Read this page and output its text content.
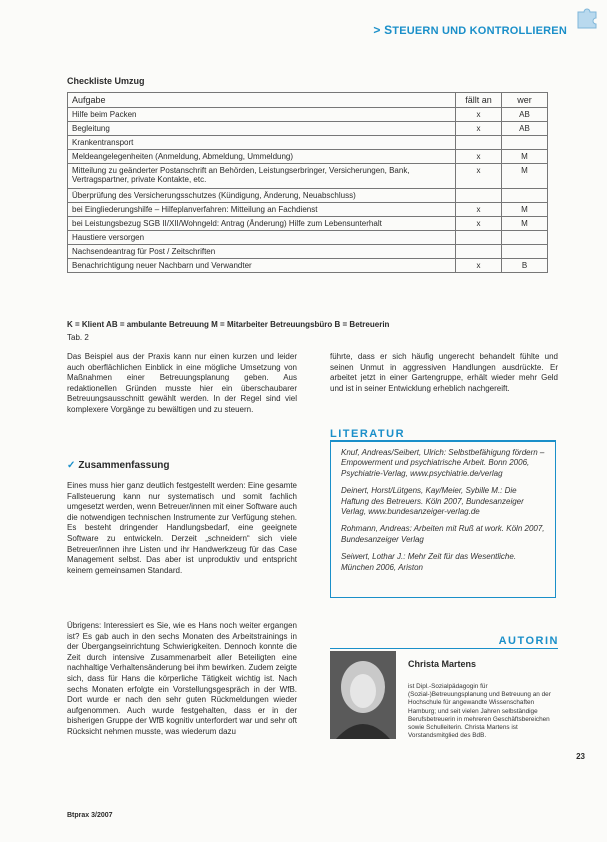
> STEUERN UND KONTROLLIEREN
Checkliste Umzug
Aufgabe	fällt an	wer
Hilfe beim Packen	x	AB
Begleitung	x	AB
Krankentransport		
Meldeangelegenheiten (Anmeldung, Abmeldung, Ummeldung)	x	M
Mitteilung zu geänderter Postanschrift an Behörden, Leistungserbringer, Versicherungen, Bank, Vertragspartner, private Kontakte, etc.	x	M
Überprüfung des Versicherungsschutzes (Kündigung, Änderung, Neuabschluss)		
bei Eingliederungshilfe – Hilfeplanverfahren: Mitteilung an Fachdienst	x	M
bei Leistungsbezug SGB II/XII/Wohngeld: Antrag (Änderung) Hilfe zum Lebensunterhalt	x	M
Haustiere versorgen		
Nachsendeantrag für Post / Zeitschriften		
Benachrichtigung neuer Nachbarn und Verwandter	x	B
K = Klient AB = ambulante Betreuung M = Mitarbeiter Betreuungsbüro B = Betreuerin
Tab. 2

Das Beispiel aus der Praxis kann nur einen kurzen und leider auch oberflächlichen Einblick in eine mögliche Umsetzung von Maßnahmen einer Betreuungsplanung geben. Aus redaktionellen Gründen musste hier ein überschaubarer Betreuungsausschnitt gewählt werden. In der Regel sind viel komplexere Vorgänge zu bewältigen und zu steuern.

✓ Zusammenfassung

Eines muss hier ganz deutlich festgestellt werden: Eine gesamte Fallsteuerung kann nur systematisch und somit fachlich umgesetzt werden, wenn Betreuer/innen mit einer Software auch die notwendigen technischen Instrumente zur Verfügung stehen. Es besteht dringender Handlungsbedarf, eine geeignete Software zu entwickeln. Derzeit „schneidern“ sich viele Betreuer/innen ihre Listen und ihr Handwerkzeug für das Case Management selbst. Das aber ist unproduktiv und entspricht keinem gemeinsamen Standard.

Übrigens: Interessiert es Sie, wie es Hans noch weiter ergangen ist? Es gab auch in den sechs Monaten des Arbeitstrainings in der Übergangseinrichtung Schwierigkeiten. Dennoch konnte die Zeit durch intensive Zusammenarbeit aller Beteiligten eine nachhaltige Verhaltensänderung bei ihm bewirken. Zudem zeigte sich, dass für Hans die körperliche Tätigkeit wichtig ist. Nach sechs Monaten erfolgte ein Vorstellungsgespräch in der WfB. Dort wurde er nach den sehr guten Rückmeldungen wieder aufgenommen. Auch wurde festgehalten, dass er in der bisherigen Gruppe der WfB kognitiv unterfordert war und sehr oft Rücksicht nehmen musste, was wiederum dazu

führte, dass er sich häufig ungerecht behandelt fühlte und seinen Unmut in aggressiven Handlungen ausdrückte. Er arbeitet jetzt in einer Gartengruppe, erhält wieder mehr Geld und ist in seiner Entwicklung erheblich nachgereift.

LITERATUR

Knuf, Andreas/Seibert, Ulrich: Selbstbefähigung fördern – Empowerment und psychiatrische Arbeit. Bonn 2006, Psychiatrie-Verlag, www.psychiatrie.de/verlag

Deinert, Horst/Lütgens, Kay/Meier, Sybille M.: Die Haftung des Betreuers. Köln 2007, Bundesanzeiger Verlag, www.bundesanzeiger-verlag.de

Rohmann, Andreas: Arbeiten mit Ruß at work. Köln 2007, Bundesanzeiger Verlag

Seiwert, Lothar J.: Mehr Zeit für das Wesentliche. München 2006, Ariston

AUTORIN
Christa Martens
ist Dipl.-Sozialpädagogin für (Sozial-)Betreuungsplanung und Betreuung an der Hochschule für angewandte Wissenschaften Hamburg; und seit vielen Jahren selbständige Berufsbetreuerin in mehreren Geschäftsbereichen sowie Schulleiterin. Christa Martens ist Vorstandsmitglied des BdB.
Btprax 3/2007
23
